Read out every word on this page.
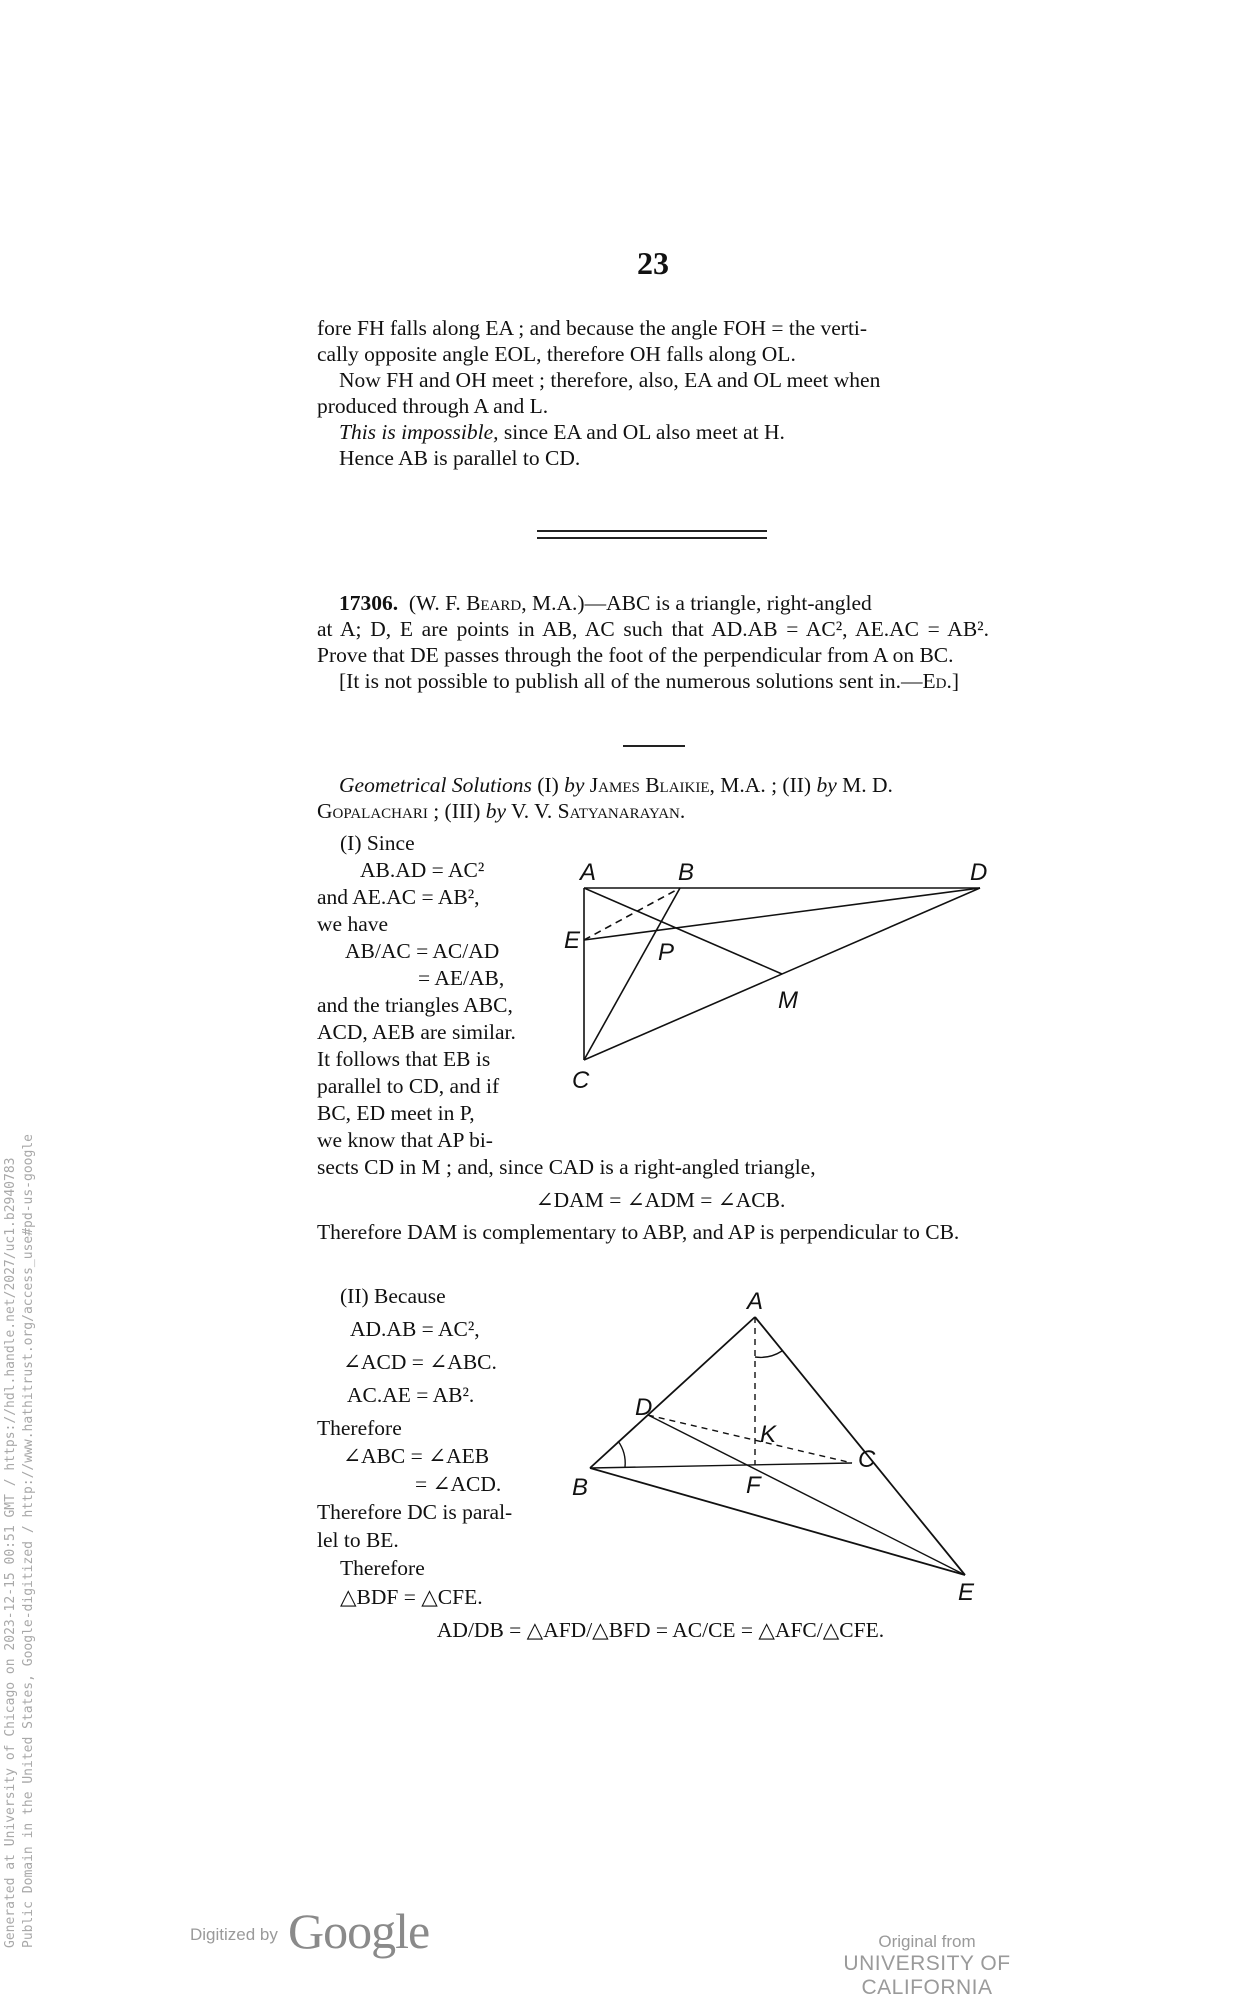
23

fore FH falls along EA ; and because the angle FOH = the verti-

cally opposite angle EOL, therefore OH falls along OL.

Now FH and OH meet ; therefore, also, EA and OL meet when

produced through A and L.

This is impossible, since EA and OL also meet at H.

Hence AB is parallel to CD.

17306. (W. F. Beard, M.A.)—ABC is a triangle, right-angled

at A; D, E are points in AB, AC such that AD.AB = AC², AE.AC = AB². Prove that DE passes through the foot of the perpendicular from A on BC.

[It is not possible to publish all of the numerous solutions sent in.—Ed.]

Geometrical Solutions (I) by James Blaikie, M.A. ; (II) by M. D.

Gopalachari ; (III) by V. V. Satyanarayan.

(I) Since
AB.AD = AC²
and AE.AC = AB²,
we have
AB/AC = AC/AD
= AE/AB,
and the triangles ABC,
ACD, AEB are similar.
It follows that EB is
parallel to CD, and if
BC, ED meet in P,
we know that AP bi-
A	B	D
E	P
M
C
sects CD in M ; and, since CAD is a right-angled triangle,
∠DAM = ∠ADM = ∠ACB.

Therefore DAM is complementary to ABP, and AP is perpendicular to CB.

(II) Because
AD.AB = AC²,
∠ACD = ∠ABC.
AC.AE = AB².
Therefore
∠ABC = ∠AEB
= ∠ACD.
Therefore DC is paral-
lel to BE.
Therefore
△BDF = △CFE.
A
D
K
C
B	F
E
AD/DB = △AFD/△BFD = AC/CE = △AFC/△CFE.
Generated at University of Chicago on 2023-12-15 00:51 GMT / https://hdl.handle.net/2027/uc1.b2940783 Public Domain in the United States, Google-digitized / http://www.hathitrust.org/access_use#pd-us-google	Digitized by Google	Original from
UNIVERSITY OF CALIFORNIA
